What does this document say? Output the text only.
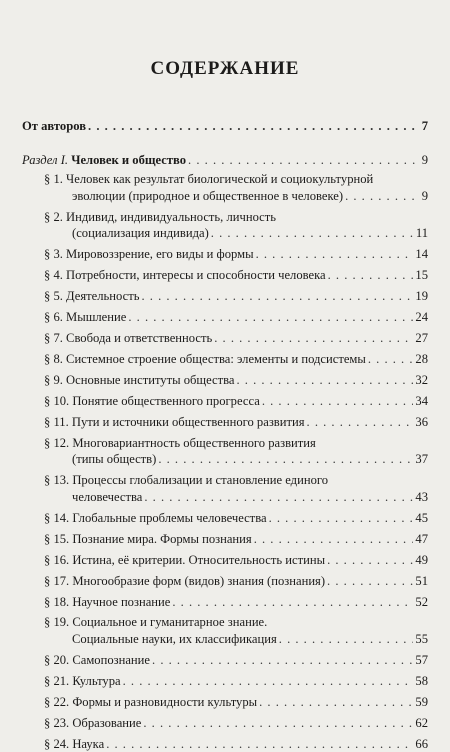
СОДЕРЖАНИЕ
От авторов . . .	7
Раздел I. Человек и общество . . .	9
§ 1. Человек как результат биологической и социокультурной
эволюции (природное и общественное в человеке) . . .	9
§ 2. Индивид, индивидуальность, личность
(социализация индивида) . . .	11
§ 3. Мировоззрение, его виды и формы . . .	14
§ 4. Потребности, интересы и способности человека . . .	15
§ 5. Деятельность . . .	19
§ 6. Мышление . . .	24
§ 7. Свобода и ответственность . . .	27
§ 8. Системное строение общества: элементы и подсистемы . . .	28
§ 9. Основные институты общества . . .	32
§ 10. Понятие общественного прогресса . . .	34
§ 11. Пути и источники общественного развития . . .	36
§ 12. Многовариантность общественного развития
(типы обществ) . . .	37
§ 13. Процессы глобализации и становление единого
человечества . . .	43
§ 14. Глобальные проблемы человечества . . .	45
§ 15. Познание мира. Формы познания . . .	47
§ 16. Истина, её критерии. Относительность истины . . .	49
§ 17. Многообразие форм (видов) знания (познания) . . .	51
§ 18. Научное познание . . .	52
§ 19. Социальное и гуманитарное знание.
Социальные науки, их классификация . . .	55
§ 20. Самопознание . . .	57
§ 21. Культура . . .	58
§ 22. Формы и разновидности культуры . . .	59
§ 23. Образование . . .	62
§ 24. Наука . . .	66
